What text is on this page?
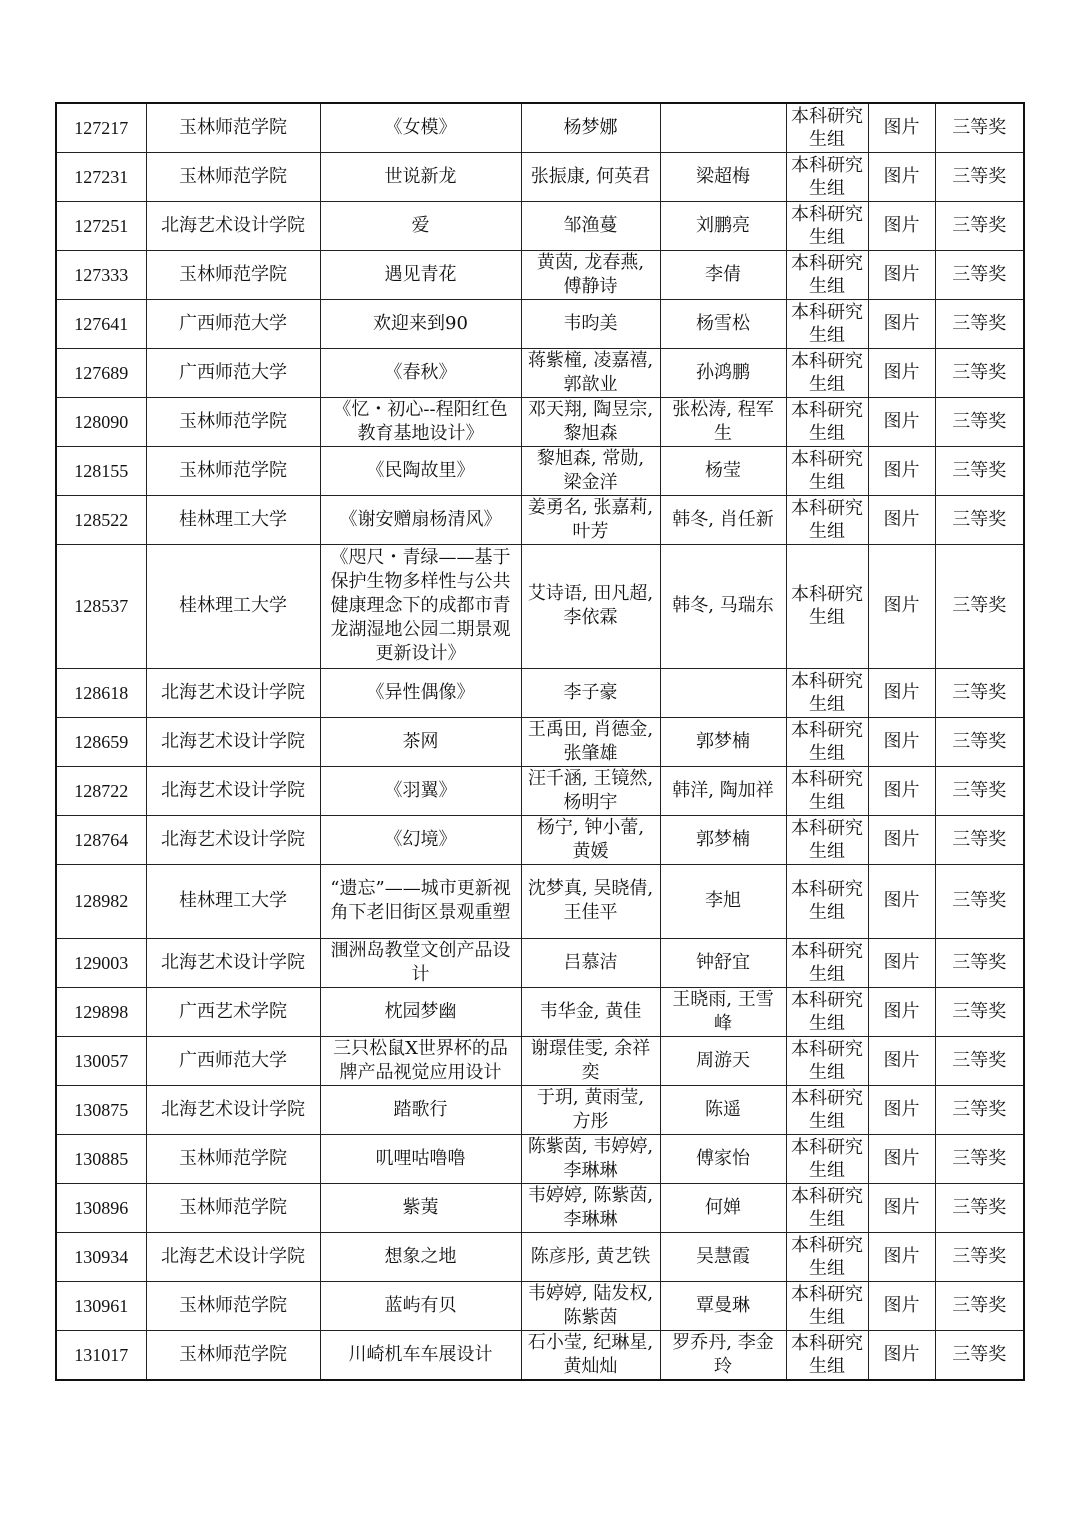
127217	玉林师范学院	《女模》	杨梦娜		本科研究生组	图片	三等奖
127231	玉林师范学院	世说新龙	张振康, 何英君	梁超梅	本科研究生组	图片	三等奖
127251	北海艺术设计学院	爱	邹渔蔓	刘鹏亮	本科研究生组	图片	三等奖
127333	玉林师范学院	遇见青花	黄茵, 龙春燕, 傅静诗	李倩	本科研究生组	图片	三等奖
127641	广西师范大学	欢迎来到90	韦昀美	杨雪松	本科研究生组	图片	三等奖
127689	广西师范大学	《春秋》	蒋紫橦, 凌嘉禧, 郭歆业	孙鸿鹏	本科研究生组	图片	三等奖
128090	玉林师范学院	《忆・初心--程阳红色教育基地设计》	邓天翔, 陶昱宗, 黎旭森	张松涛, 程军生	本科研究生组	图片	三等奖
128155	玉林师范学院	《民陶故里》	黎旭森, 常勋, 梁金洋	杨莹	本科研究生组	图片	三等奖
128522	桂林理工大学	《谢安赠扇杨清风》	姜勇名, 张嘉莉, 叶芳	韩冬, 肖任新	本科研究生组	图片	三等奖
128537	桂林理工大学	《咫尺・青绿——基于保护生物多样性与公共健康理念下的成都市青龙湖湿地公园二期景观更新设计》	艾诗语, 田凡超, 李依霖	韩冬, 马瑞东	本科研究生组	图片	三等奖
128618	北海艺术设计学院	《异性偶像》	李子豪		本科研究生组	图片	三等奖
128659	北海艺术设计学院	茶网	王禹田, 肖德金, 张肇雄	郭梦楠	本科研究生组	图片	三等奖
128722	北海艺术设计学院	《羽翼》	汪千涵, 王镜然, 杨明宇	韩洋, 陶加祥	本科研究生组	图片	三等奖
128764	北海艺术设计学院	《幻境》	杨宁, 钟小蕾, 黄媛	郭梦楠	本科研究生组	图片	三等奖
128982	桂林理工大学	“遗忘”——城市更新视角下老旧街区景观重塑	沈梦真, 吴晓倩, 王佳平	李旭	本科研究生组	图片	三等奖
129003	北海艺术设计学院	涠洲岛教堂文创产品设计	吕慕洁	钟舒宜	本科研究生组	图片	三等奖
129898	广西艺术学院	枕园梦幽	韦华金, 黄佳	王晓雨, 王雪峰	本科研究生组	图片	三等奖
130057	广西师范大学	三只松鼠X世界杯的品牌产品视觉应用设计	谢璟佳雯, 余祥奕	周游天	本科研究生组	图片	三等奖
130875	北海艺术设计学院	踏歌行	于玥, 黄雨莹, 方彤	陈遥	本科研究生组	图片	三等奖
130885	玉林师范学院	叽哩咕噜噜	陈紫茵, 韦婷婷, 李琳琳	傅家怡	本科研究生组	图片	三等奖
130896	玉林师范学院	紫荑	韦婷婷, 陈紫茵, 李琳琳	何婵	本科研究生组	图片	三等奖
130934	北海艺术设计学院	想象之地	陈彦彤, 黄艺铁	吴慧霞	本科研究生组	图片	三等奖
130961	玉林师范学院	蓝屿有贝	韦婷婷, 陆发权, 陈紫茵	覃曼琳	本科研究生组	图片	三等奖
131017	玉林师范学院	川崎机车车展设计	石小莹, 纪琳星, 黄灿灿	罗乔丹, 李金玲	本科研究生组	图片	三等奖
